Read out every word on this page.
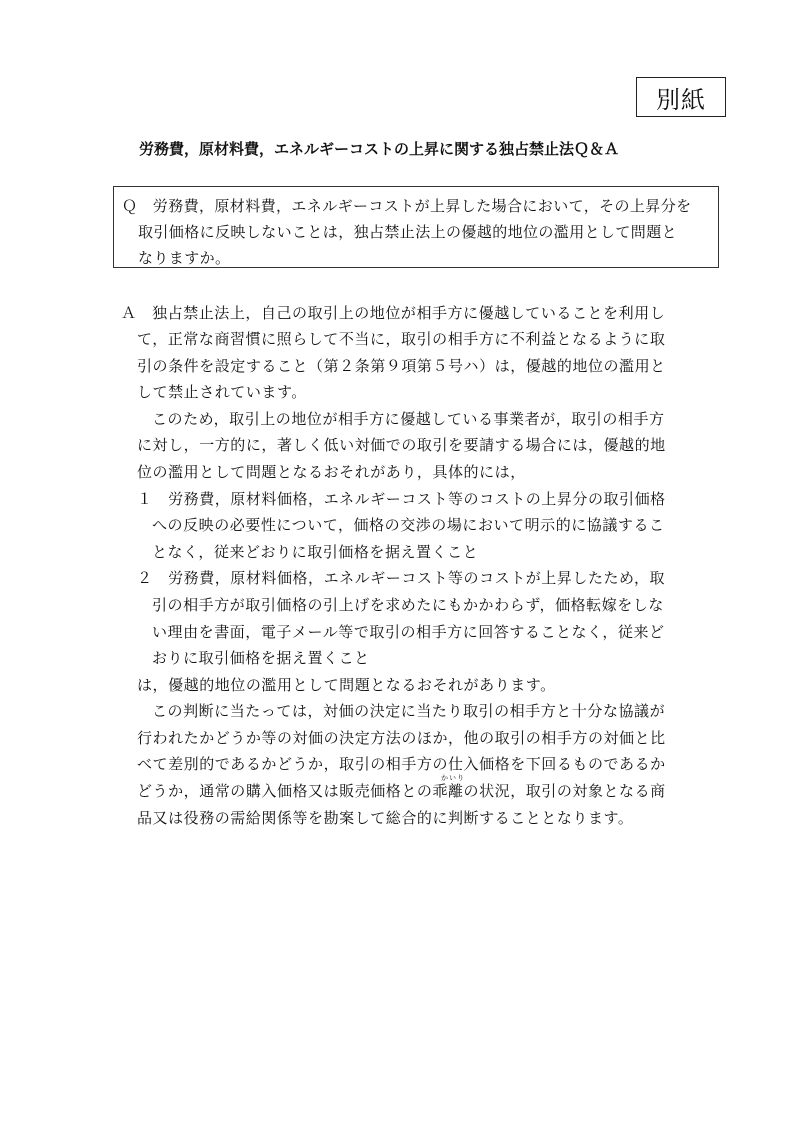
別紙
労務費，原材料費，エネルギーコストの上昇に関する独占禁止法Ｑ＆Ａ
Ｑ　労務費，原材料費，エネルギーコストが上昇した場合において，その上昇分を
取引価格に反映しないことは，独占禁止法上の優越的地位の濫用として問題と
なりますか。
Ａ　独占禁止法上，自己の取引上の地位が相手方に優越していることを利用し
て，正常な商習慣に照らして不当に，取引の相手方に不利益となるように取
引の条件を設定すること（第２条第９項第５号ハ）は，優越的地位の濫用と
して禁止されています。
このため，取引上の地位が相手方に優越している事業者が，取引の相手方
に対し，一方的に，著しく低い対価での取引を要請する場合には，優越的地
位の濫用として問題となるおそれがあり，具体的には，
１　労務費，原材料価格，エネルギーコスト等のコストの上昇分の取引価格
への反映の必要性について，価格の交渉の場において明示的に協議するこ
となく，従来どおりに取引価格を据え置くこと
２　労務費，原材料価格，エネルギーコスト等のコストが上昇したため，取
引の相手方が取引価格の引上げを求めたにもかかわらず，価格転嫁をしな
い理由を書面，電子メール等で取引の相手方に回答することなく，従来ど
おりに取引価格を据え置くこと
は，優越的地位の濫用として問題となるおそれがあります。
この判断に当たっては，対価の決定に当たり取引の相手方と十分な協議が
行われたかどうか等の対価の決定方法のほか，他の取引の相手方の対価と比
べて差別的であるかどうか，取引の相手方の仕入価格を下回るものであるか
かいり
どうか，通常の購入価格又は販売価格との乖離の状況，取引の対象となる商
品又は役務の需給関係等を勘案して総合的に判断することとなります。
